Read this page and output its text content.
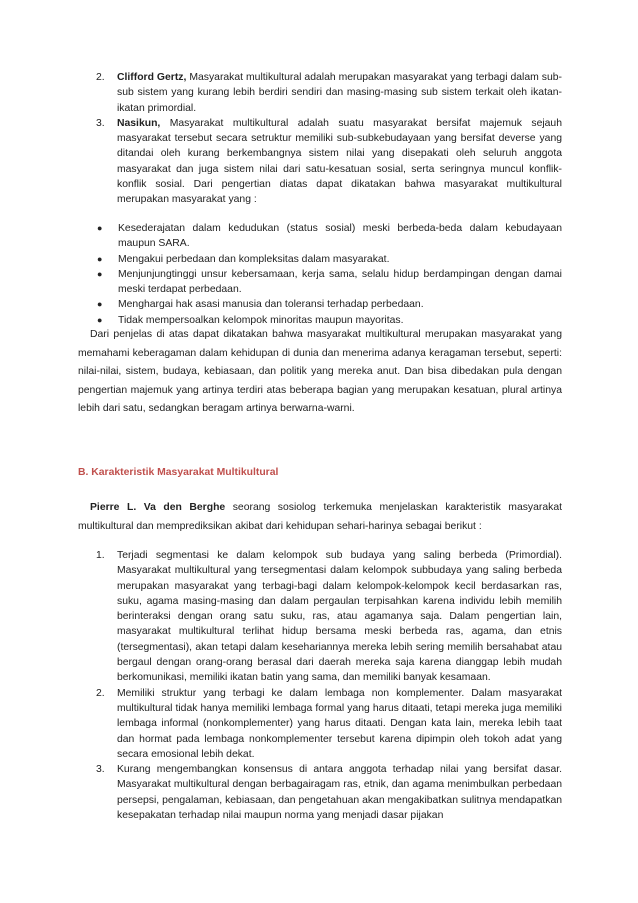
2. Clifford Gertz, Masyarakat multikultural adalah merupakan masyarakat yang terbagi dalam sub-sub sistem yang kurang lebih berdiri sendiri dan masing-masing sub sistem terkait oleh ikatan-ikatan primordial.
3. Nasikun, Masyarakat multikultural adalah suatu masyarakat bersifat majemuk sejauh masyarakat tersebut secara setruktur memiliki sub-subkebudayaan yang bersifat deverse yang ditandai oleh kurang berkembangnya sistem nilai yang disepakati oleh seluruh anggota masyarakat dan juga sistem nilai dari satu-kesatuan sosial, serta seringnya muncul konflik-konflik sosial. Dari pengertian diatas dapat dikatakan bahwa masyarakat multikultural merupakan masyarakat yang :
● Kesederajatan dalam kedudukan (status sosial) meski berbeda-beda dalam kebudayaan maupun SARA.
● Mengakui perbedaan dan kompleksitas dalam masyarakat.
● Menjunjungtinggi unsur kebersamaan, kerja sama, selalu hidup berdampingan dengan damai meski terdapat perbedaan.
● Menghargai hak asasi manusia dan toleransi terhadap perbedaan.
● Tidak mempersoalkan kelompok minoritas maupun mayoritas.

Dari penjelas di atas dapat dikatakan bahwa masyarakat multikultural merupakan masyarakat yang memahami keberagaman dalam kehidupan di dunia dan menerima adanya keragaman tersebut, seperti: nilai-nilai, sistem, budaya, kebiasaan, dan politik yang mereka anut. Dan bisa dibedakan pula dengan pengertian majemuk yang artinya terdiri atas beberapa bagian yang merupakan kesatuan, plural artinya lebih dari satu, sedangkan beragam artinya berwarna-warni.

B. Karakteristik Masyarakat Multikultural

Pierre L. Va den Berghe seorang sosiolog terkemuka menjelaskan karakteristik masyarakat multikultural dan memprediksikan akibat dari kehidupan sehari-harinya sebagai berikut :

1. Terjadi segmentasi ke dalam kelompok sub budaya yang saling berbeda (Primordial). Masyarakat multikultural yang tersegmentasi dalam kelompok subbudaya yang saling berbeda merupakan masyarakat yang terbagi-bagi dalam kelompok-kelompok kecil berdasarkan ras, suku, agama masing-masing dan dalam pergaulan terpisahkan karena individu lebih memilih berinteraksi dengan orang satu suku, ras, atau agamanya saja. Dalam pengertian lain, masyarakat multikultural terlihat hidup bersama meski berbeda ras, agama, dan etnis (tersegmentasi), akan tetapi dalam kesehariannya mereka lebih sering memilih bersahabat atau bergaul dengan orang-orang berasal dari daerah mereka saja karena dianggap lebih mudah berkomunikasi, memiliki ikatan batin yang sama, dan memiliki banyak kesamaan.
2. Memiliki struktur yang terbagi ke dalam lembaga non komplementer. Dalam masyarakat multikultural tidak hanya memiliki lembaga formal yang harus ditaati, tetapi mereka juga memiliki lembaga informal (nonkomplementer) yang harus ditaati. Dengan kata lain, mereka lebih taat dan hormat pada lembaga nonkomplementer tersebut karena dipimpin oleh tokoh adat yang secara emosional lebih dekat.
3. Kurang mengembangkan konsensus di antara anggota terhadap nilai yang bersifat dasar. Masyarakat multikultural dengan berbagairagam ras, etnik, dan agama menimbulkan perbedaan persepsi, pengalaman, kebiasaan, dan pengetahuan akan mengakibatkan sulitnya mendapatkan kesepakatan terhadap nilai maupun norma yang menjadi dasar pijakan
